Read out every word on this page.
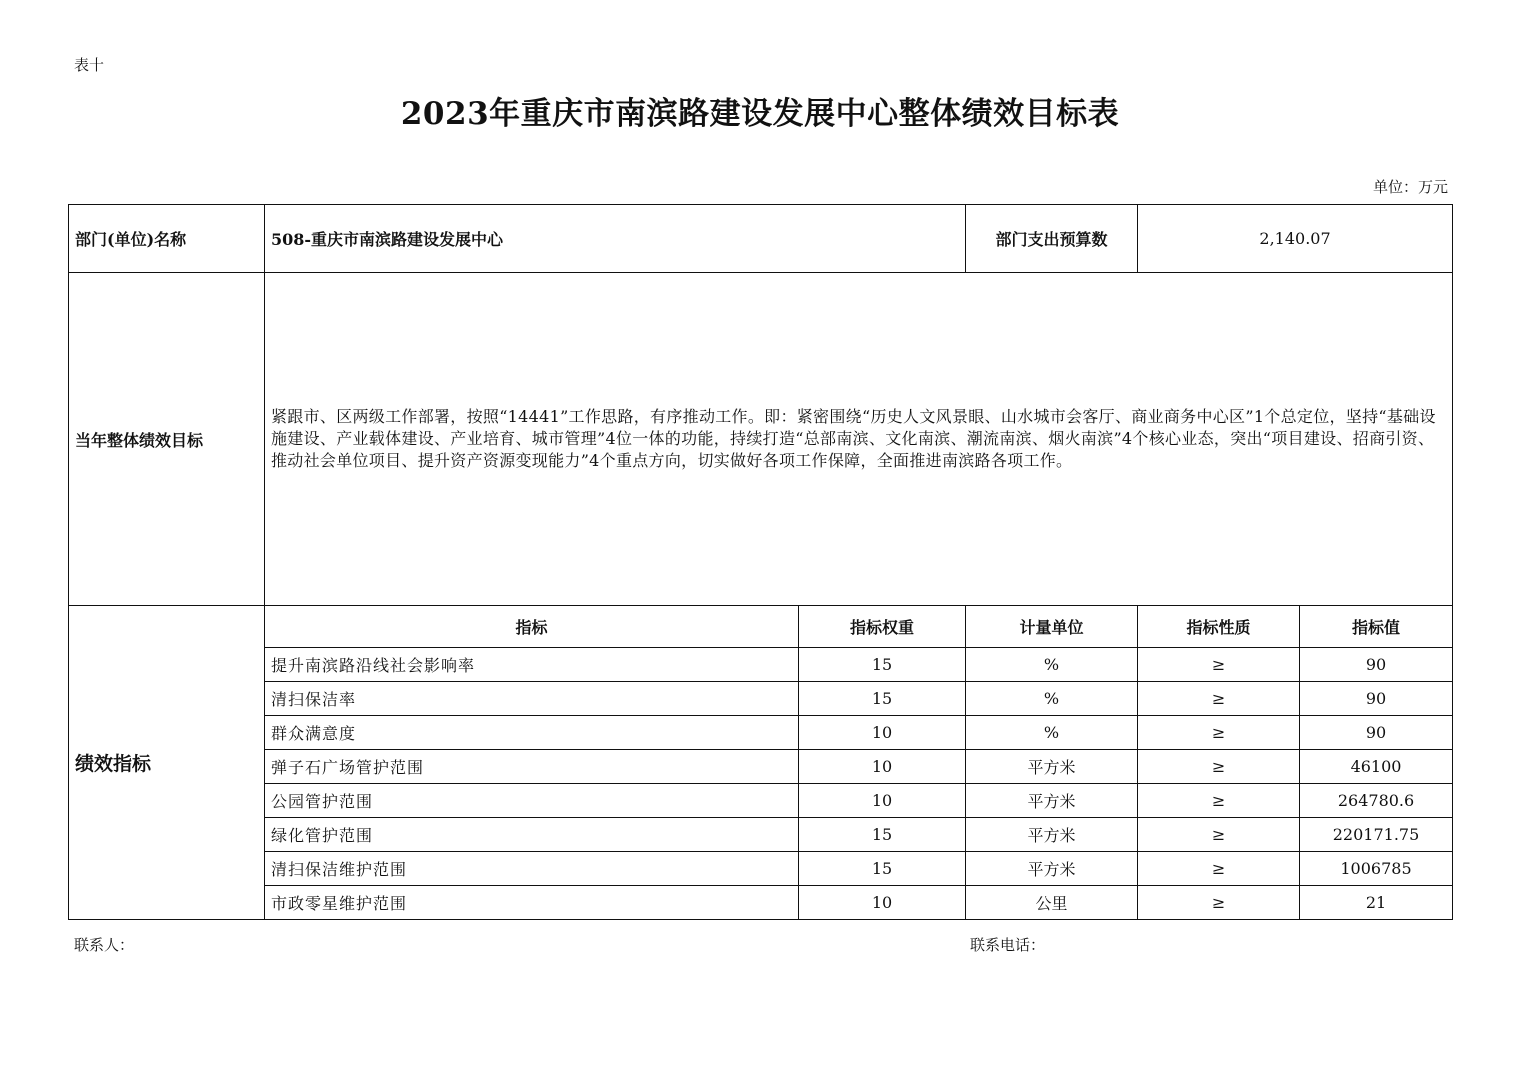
表十
2023年重庆市南滨路建设发展中心整体绩效目标表
单位：万元
部门(单位)名称	508-重庆市南滨路建设发展中心		部门支出预算数	2,140.07	
当年整体绩效目标	紧跟市、区两级工作部署，按照“14441”工作思路，有序推动工作。即：紧密围绕“历史人文风景眼、山水城市会客厅、商业商务中心区”1个总定位，坚持“基础设施建设、产业载体建设、产业培育、城市管理”4位一体的功能，持续打造“总部南滨、文化南滨、潮流南滨、烟火南滨”4个核心业态，突出“项目建设、招商引资、推动社会单位项目、提升资产资源变现能力”4个重点方向，切实做好各项工作保障，全面推进南滨路各项工作。				
绩效指标	指标	指标权重	计量单位	指标性质	指标值
	提升南滨路沿线社会影响率	15	%	≥	90
	清扫保洁率	15	%	≥	90
	群众满意度	10	%	≥	90
	弹子石广场管护范围	10	平方米	≥	46100
	公园管护范围	10	平方米	≥	264780.6
	绿化管护范围	15	平方米	≥	220171.75
	清扫保洁维护范围	15	平方米	≥	1006785
	市政零星维护范围	10	公里	≥	21
联系人：	联系电话：
